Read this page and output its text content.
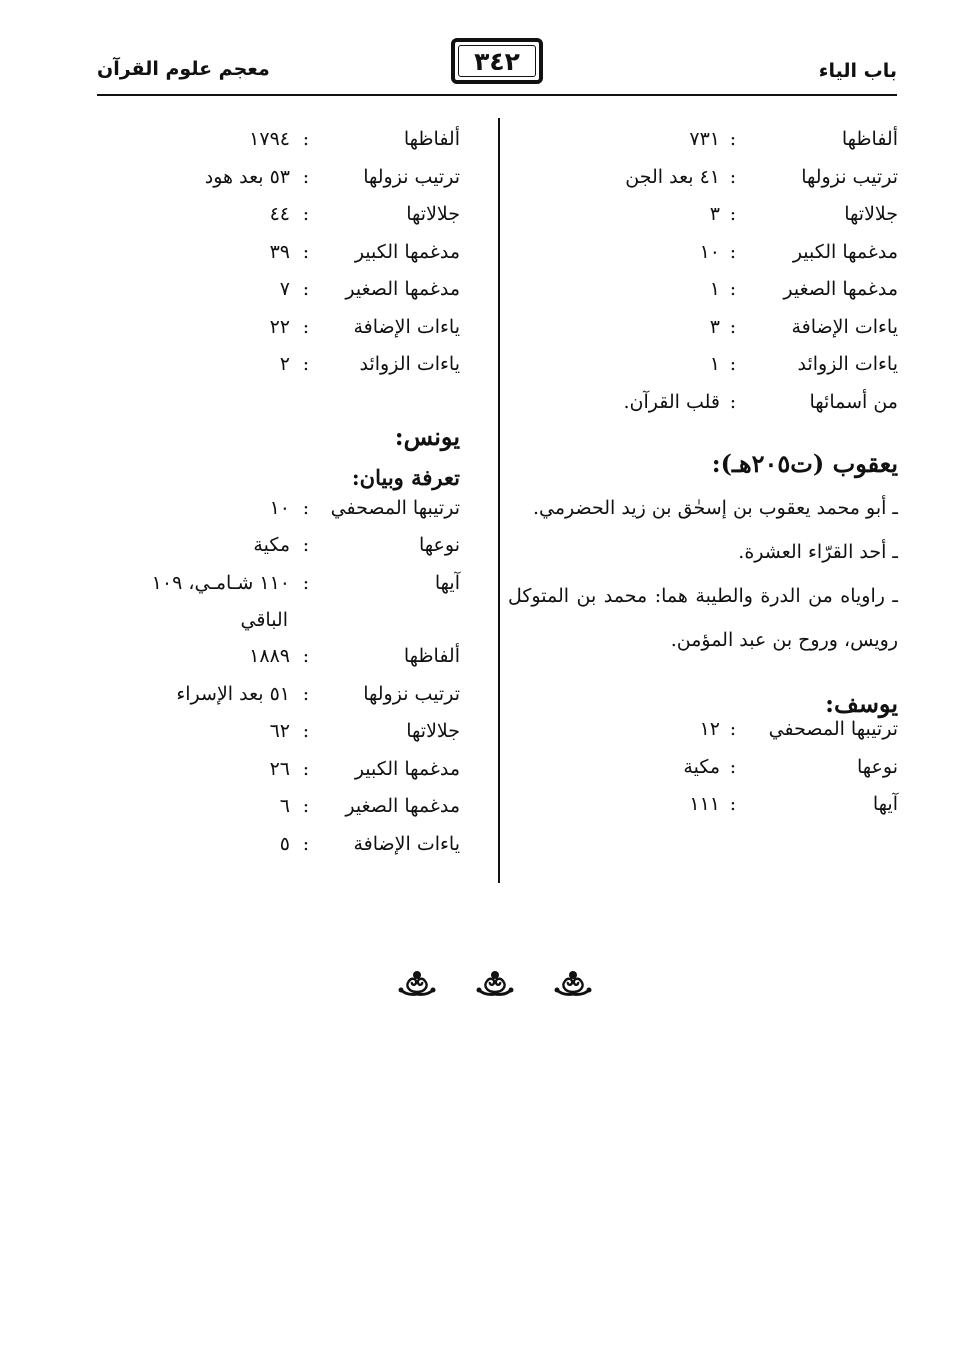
باب الياء
٣٤٢
معجم علوم القرآن
ألفاظها
:
٧٣١
ترتيب نزولها
:
٤١ بعد الجن
جلالاتها
:
٣
مدغمها الكبير
:
١٠
مدغمها الصغير
:
١
ياءات الإضافة
:
٣
ياءات الزوائد
:
١
من أسمائها
:
قلب القرآن.
يعقوب (ت٢٠٥هـ):
ـ أبو محمد يعقوب بن إسحٰق بن زيد الحضرمي.
ـ أحد القرّاء العشرة.
ـ راوياه من الدرة والطيبة هما: محمد بن المتوكل رويس، وروح بن عبد المؤمن.
يوسف:
ترتيبها المصحفي
:
١٢
نوعها
:
مكية
آيها
:
١١١
ألفاظها
:
١٧٩٤
ترتيب نزولها
:
٥٣ بعد هود
جلالاتها
:
٤٤
مدغمها الكبير
:
٣٩
مدغمها الصغير
:
٧
ياءات الإضافة
:
٢٢
ياءات الزوائد
:
٢
يونس:
تعرفة وبيان:
ترتيبها المصحفي
:
١٠
نوعها
:
مكية
آيها
:
١١٠ شـامـي، ١٠٩
الباقي
ألفاظها
:
١٨٨٩
ترتيب نزولها
:
٥١ بعد الإسراء
جلالاتها
:
٦٢
مدغمها الكبير
:
٢٦
مدغمها الصغير
:
٦
ياءات الإضافة
:
٥
